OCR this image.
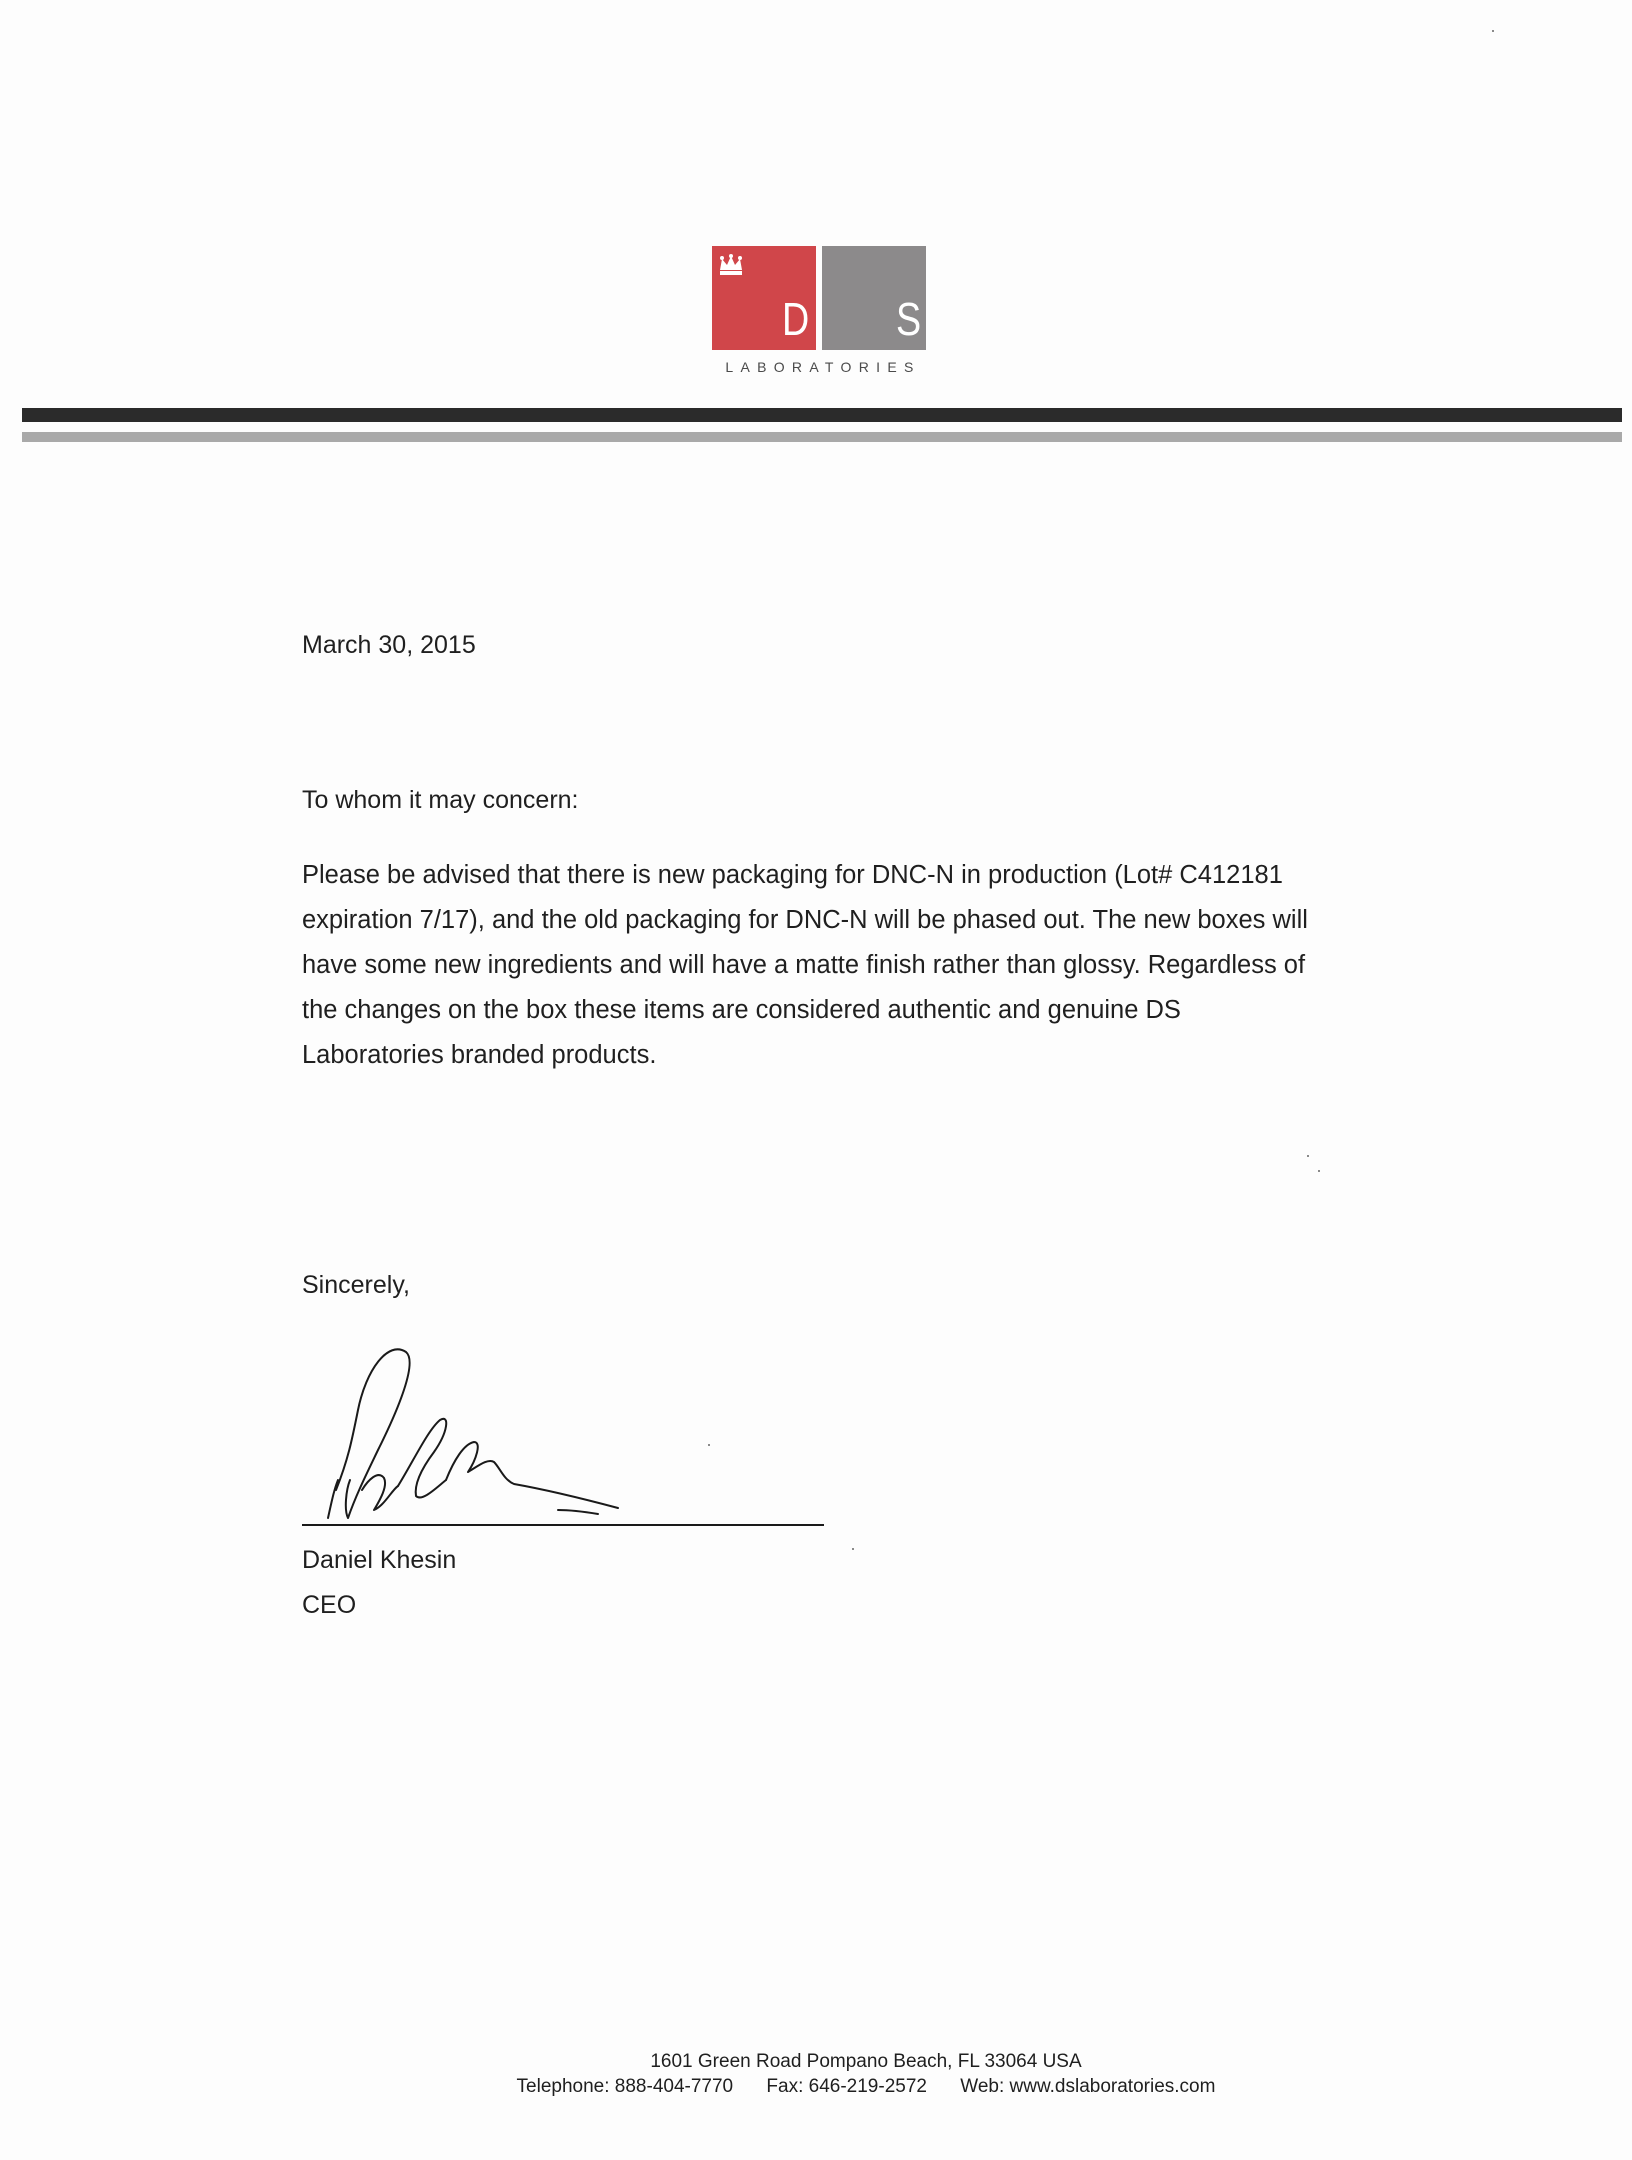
D S
LABORATORIES
March 30, 2015
To whom it may concern:
Please be advised that there is new packaging for DNC-N in production (Lot# C412181
expiration 7/17), and the old packaging for DNC-N will be phased out. The new boxes will
have some new ingredients and will have a matte finish rather than glossy. Regardless of
the changes on the box these items are considered authentic and genuine DS
Laboratories branded products.
Sincerely,
Daniel Khesin
CEO
1601 Green Road Pompano Beach, FL 33064 USA
Telephone: 888-404-7770 Fax: 646-219-2572 Web: www.dslaboratories.com
